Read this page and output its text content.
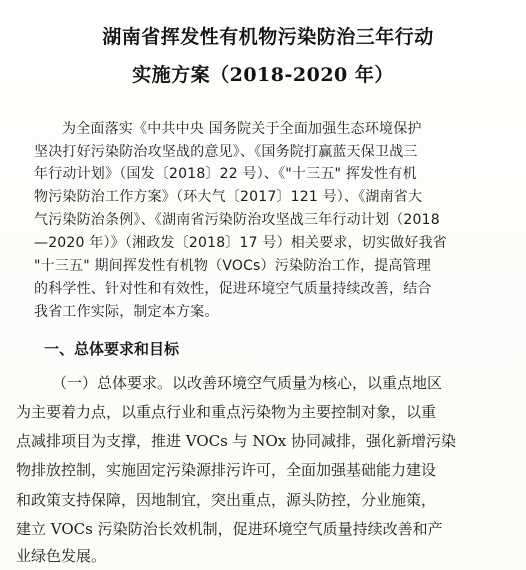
湖南省挥发性有机物污染防治三年行动
实施方案（2018-2020 年）
为全面落实《中共中央 国务院关于全面加强生态环境保护
坚决打好污染防治攻坚战的意见》、《国务院打赢蓝天保卫战三
年行动计划》（国发〔2018〕22 号）、《"十三五" 挥发性有机
物污染防治工作方案》（环大气〔2017〕121 号）、《湖南省大
气污染防治条例》、《湖南省污染防治攻坚战三年行动计划（2018
—2020 年）》（湘政发〔2018〕17 号）相关要求，切实做好我省
"十三五" 期间挥发性有机物（VOCs）污染防治工作，提高管理
的科学性、针对性和有效性，促进环境空气质量持续改善，结合
我省工作实际，制定本方案。
一、总体要求和目标
（一）总体要求。以改善环境空气质量为核心，以重点地区
为主要着力点，以重点行业和重点污染物为主要控制对象，以重
点减排项目为支撑，推进 VOCs 与 NOx 协同减排，强化新增污染
物排放控制，实施固定污染源排污许可，全面加强基础能力建设
和政策支持保障，因地制宜，突出重点，源头防控，分业施策，
建立 VOCs 污染防治长效机制，促进环境空气质量持续改善和产
业绿色发展。
